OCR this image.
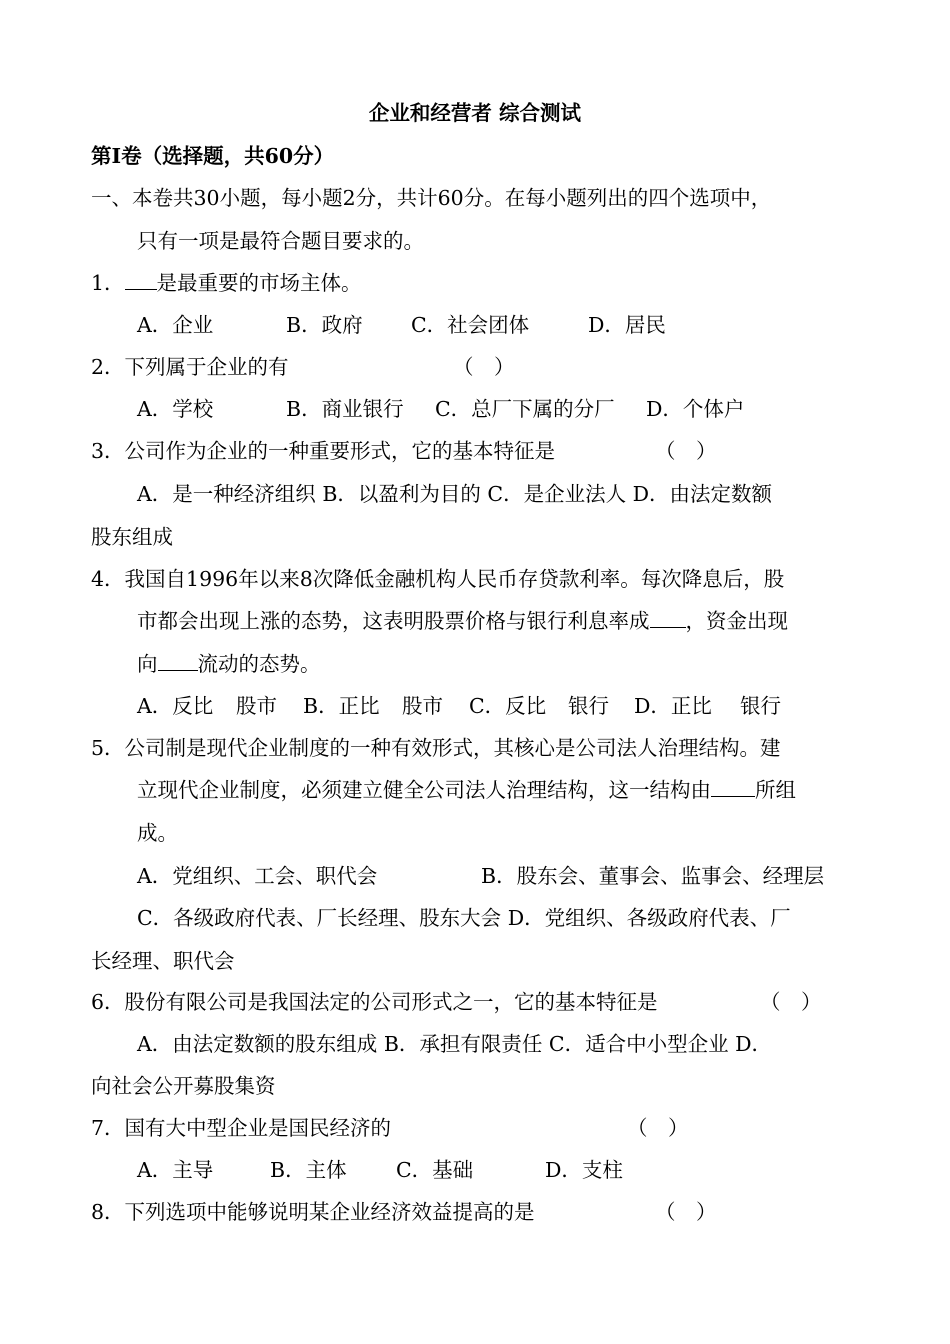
企业和经营者 综合测试
第Ⅰ卷（选择题，共60分）
一、本卷共30小题，每小题2分，共计60分。在每小题列出的四个选项中，
只有一项是最符合题目要求的。
1． 是最重要的市场主体。
A．企业	B．政府 C．社会团体	D．居民
2．下列属于企业的有	（　）
A．学校	B．商业银行 C．总厂下属的分厂 D．个体户
3．公司作为企业的一种重要形式，它的基本特征是	（　）
A．是一种经济组织 B．以盈利为目的 C．是企业法人 D．由法定数额
股东组成
4．我国自1996年以来8次降低金融机构人民币存贷款利率。每次降息后，股
市都会出现上涨的态势，这表明股票价格与银行利息率成 ，资金出现
向 流动的态势。
A．反比 股市 B．正比 股市 C．反比 银行 D．正比 银行
5．公司制是现代企业制度的一种有效形式，其核心是公司法人治理结构。建
立现代企业制度，必须建立健全公司法人治理结构，这一结构由 所组
成。
A．党组织、工会、职代会	B．股东会、董事会、监事会、经理层
C．各级政府代表、厂长经理、股东大会 D．党组织、各级政府代表、厂
长经理、职代会
6．股份有限公司是我国法定的公司形式之一，它的基本特征是	（　）
A．由法定数额的股东组成 B．承担有限责任 C．适合中小型企业 D．
向社会公开募股集资
7．国有大中型企业是国民经济的	（　）
A．主导	B．主体 C．基础	D．支柱
8．下列选项中能够说明某企业经济效益提高的是	（　）
